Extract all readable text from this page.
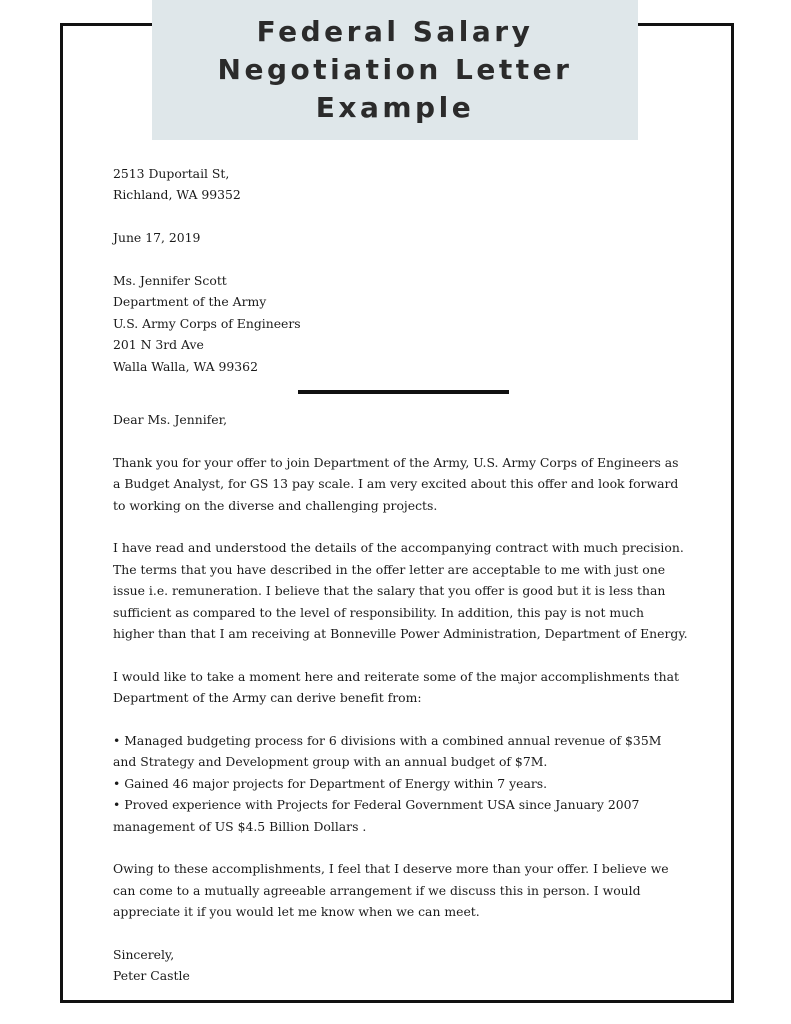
Federal Salary Negotiation Letter Example

2513 Duportail St,

Richland, WA 99352

June 17, 2019

Ms. Jennifer Scott

Department of the Army

U.S. Army Corps of Engineers

201 N 3rd Ave

Walla Walla, WA 99362

Dear Ms. Jennifer,

Thank you for your offer to join Department of the Army, U.S. Army Corps of Engineers as a Budget Analyst, for GS 13 pay scale. I am very excited about this offer and look forward to working on the diverse and challenging projects.

I have read and understood the details of the accompanying contract with much precision. The terms that you have described in the offer letter are acceptable to me with just one issue i.e. remuneration. I believe that the salary that you offer is good but it is less than sufficient as compared to the level of responsibility. In addition, this pay is not much higher than that I am receiving at Bonneville Power Administration, Department of Energy.

I would like to take a moment here and reiterate some of the major accomplishments that Department of the Army can derive benefit from:

• Managed budgeting process for 6 divisions with a combined annual revenue of $35M and Strategy and Development group with an annual budget of $7M.

• Gained 46 major projects for Department of Energy within 7 years.

• Proved experience with Projects for Federal Government USA since January 2007 management of US $4.5 Billion Dollars .

Owing to these accomplishments, I feel that I deserve more than your offer. I believe we can come to a mutually agreeable arrangement if we discuss this in person. I would appreciate it if you would let me know when we can meet.

Sincerely,

Peter Castle
